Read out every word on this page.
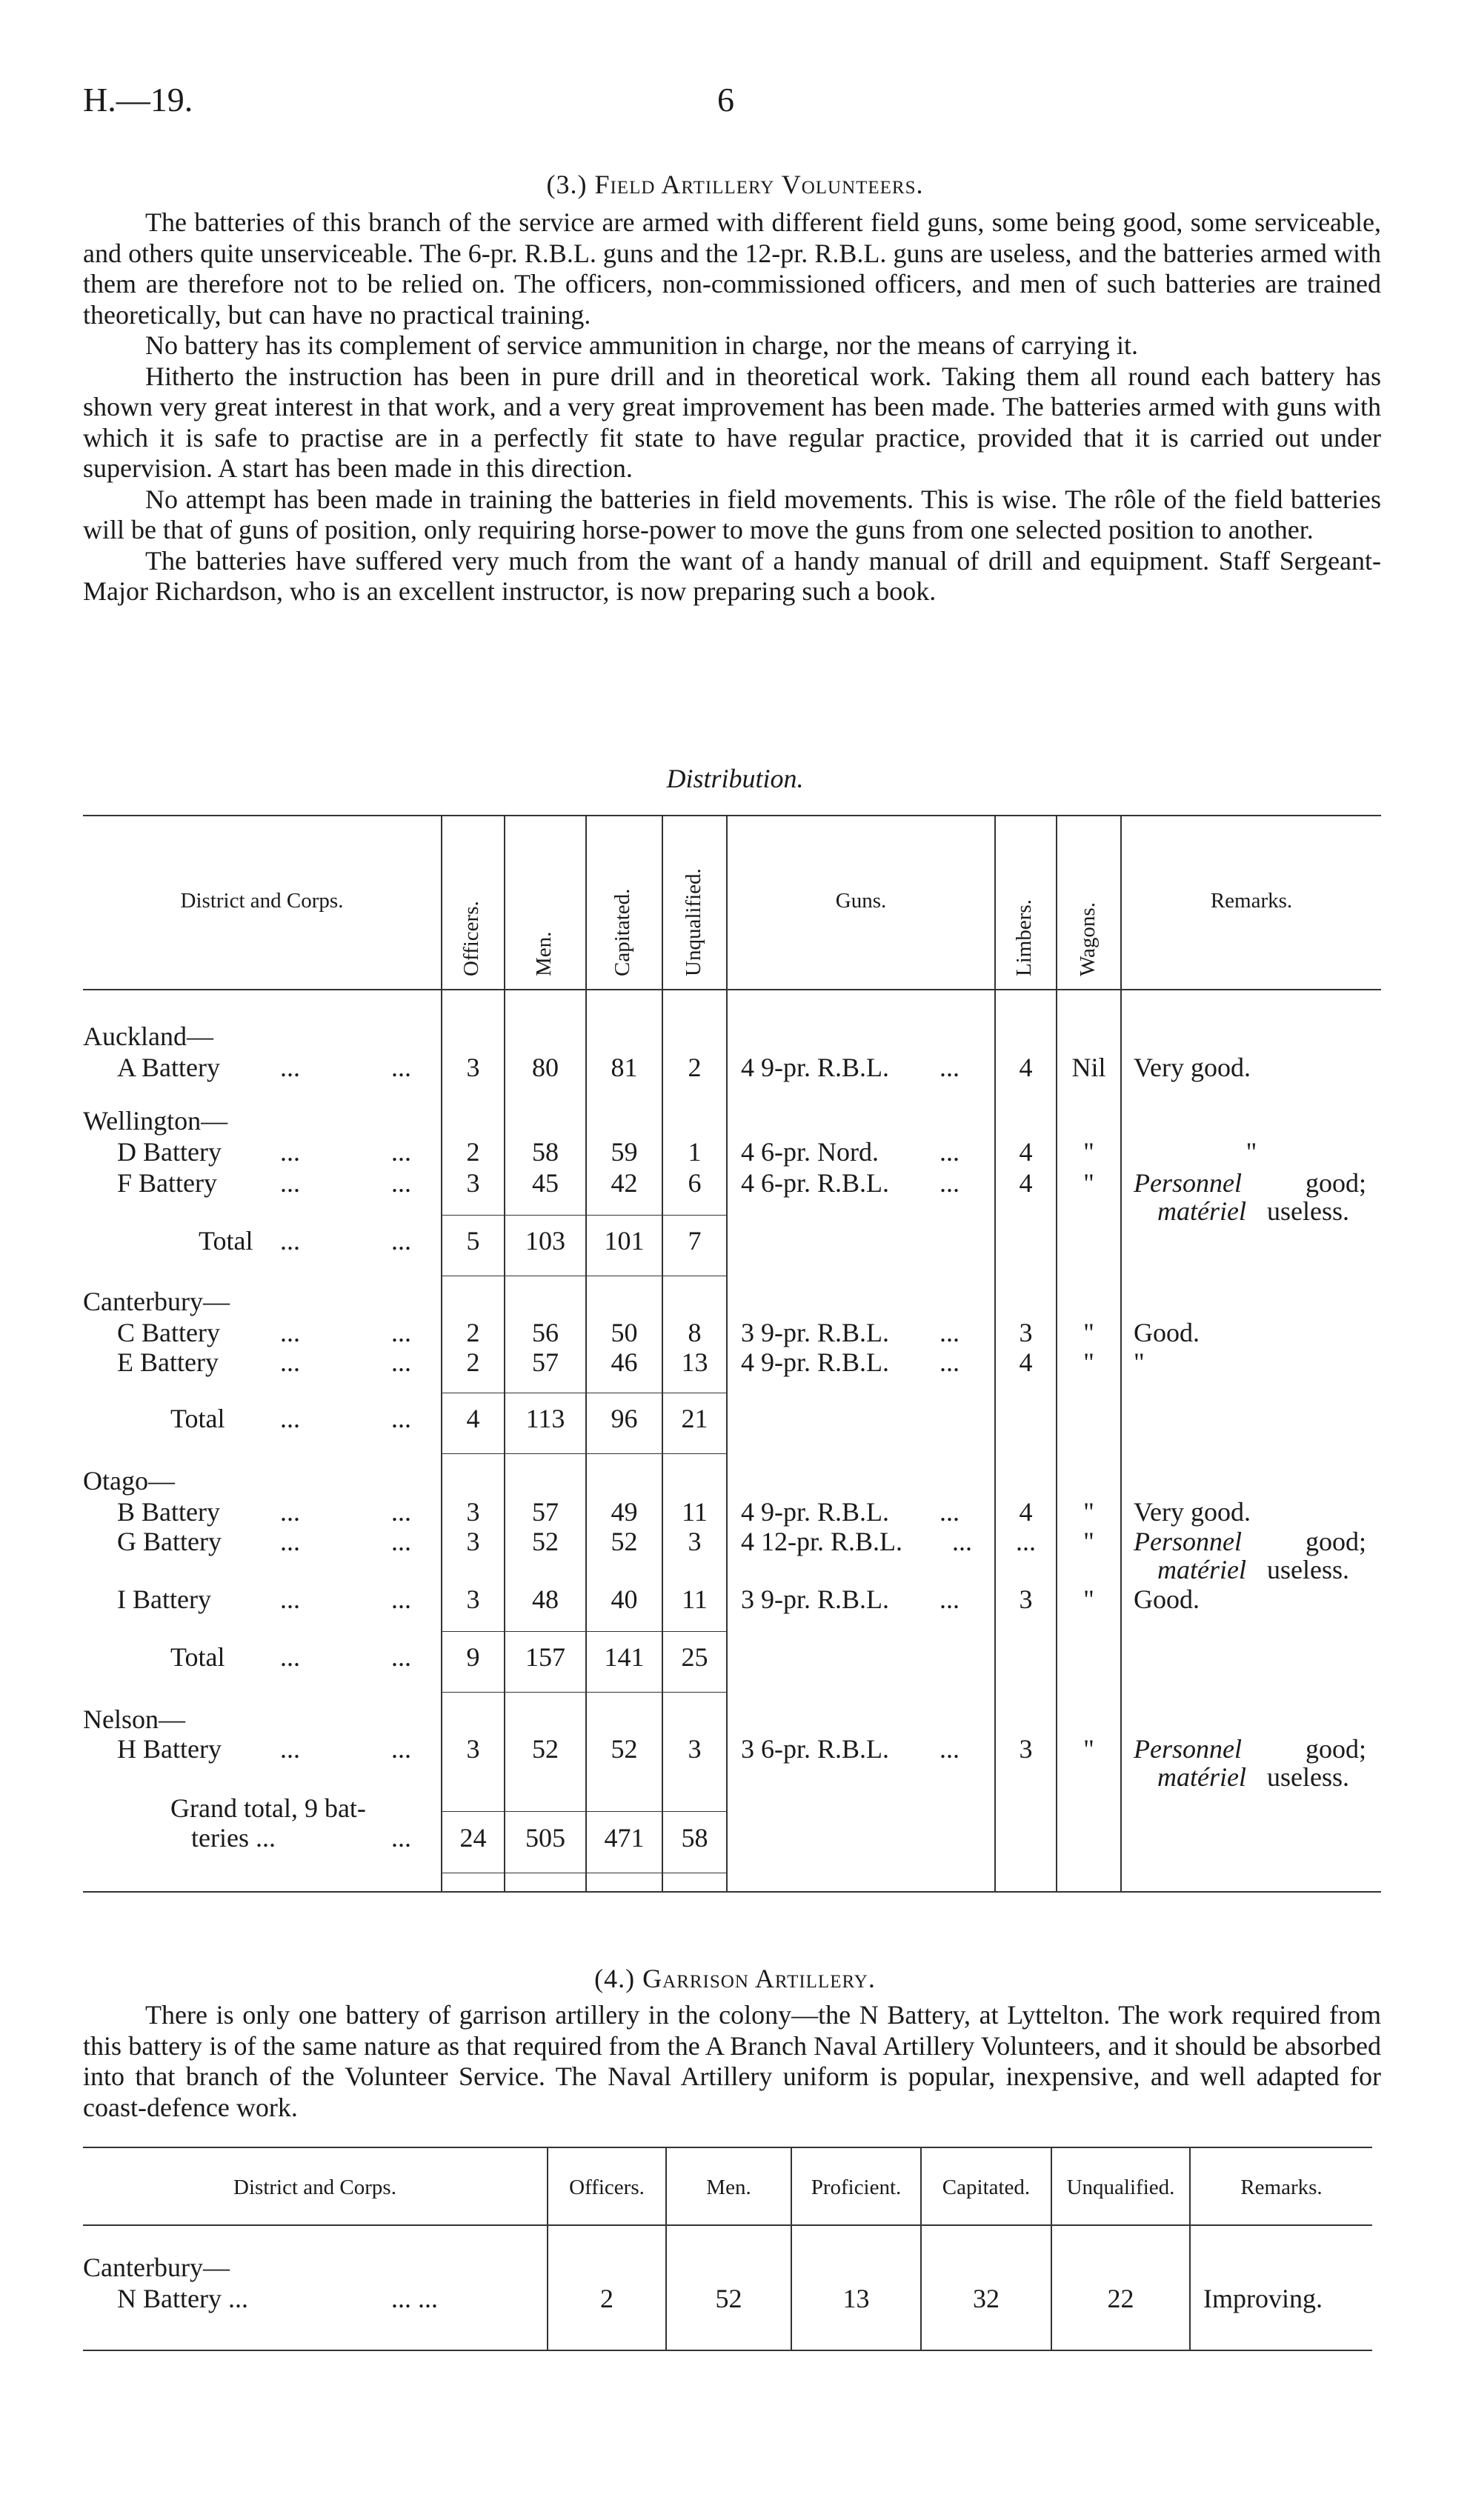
H.—19.	6
(3.) Field Artillery Volunteers.

The batteries of this branch of the service are armed with different field guns, some being good, some serviceable, and others quite unserviceable. The 6-pr. R.B.L. guns and the 12-pr. R.B.L. guns are useless, and the batteries armed with them are therefore not to be relied on. The officers, non-commissioned officers, and men of such batteries are trained theoretically, but can have no practical training.

No battery has its complement of service ammunition in charge, nor the means of carrying it.

Hitherto the instruction has been in pure drill and in theoretical work. Taking them all round each battery has shown very great interest in that work, and a very great improvement has been made. The batteries armed with guns with which it is safe to practise are in a perfectly fit state to have regular practice, provided that it is carried out under supervision. A start has been made in this direction.

No attempt has been made in training the batteries in field movements. This is wise. The rôle of the field batteries will be that of guns of position, only requiring horse-power to move the guns from one selected position to another.

The batteries have suffered very much from the want of a handy manual of drill and equipment. Staff Sergeant-Major Richardson, who is an excellent instructor, is now preparing such a book.

Distribution.
District and Corps.
Officers. Men.	Capitated. Unqualified.	Guns.	Limbers. Wagons.
Remarks.
Auckland—
A Battery ...	...	3	80	81	2	4 9-pr. R.B.L. ...	4	Nil	Very good.
Wellington—
D Battery ...	...	2	58	59	1	4 6-pr. Nord. ...	4	"	"
F Battery ...	...	3	45	42	6	4 6-pr. R.B.L. ...	4	"	Personnel good;
matériel useless.
Total ...	...	5	103	101	7
Canterbury—
C Battery ...	...	2	56	50	8	3 9-pr. R.B.L. ...	3	"	Good.
E Battery ...	...	2	57	46	13	4 9-pr. R.B.L. ...	4	"	"
Total ...	...	4	113	96	21
Otago—
B Battery ...	...	3	57	49	11	4 9-pr. R.B.L. ...	4	"	Very good.
G Battery ...	...	3	52	52	3	4 12-pr. R.B.L. ...	...	"	Personnel good;
matériel useless.
I Battery	...	...	3	48	40	11	3 9-pr. R.B.L. ...	3	"	Good.
Total ...	...	9	157	141	25
Nelson—
H Battery ...	...	3	52	52	3	3 6-pr. R.B.L. ...	3	"	Personnel good;
matériel useless.
Grand total, 9 bat-
teries ...	...	24	505	471	58
(4.) Garrison Artillery.

There is only one battery of garrison artillery in the colony—the N Battery, at Lyttelton. The work required from this battery is of the same nature as that required from the A Branch Naval Artillery Volunteers, and it should be absorbed into that branch of the Volunteer Service. The Naval Artillery uniform is popular, inexpensive, and well adapted for coast-defence work.

District and Corps.	Officers.	Men.	Proficient.	Capitated.	Unqualified.	Remarks.
Canterbury—
N Battery ...	... ...	2	52	13	32	22	Improving.
